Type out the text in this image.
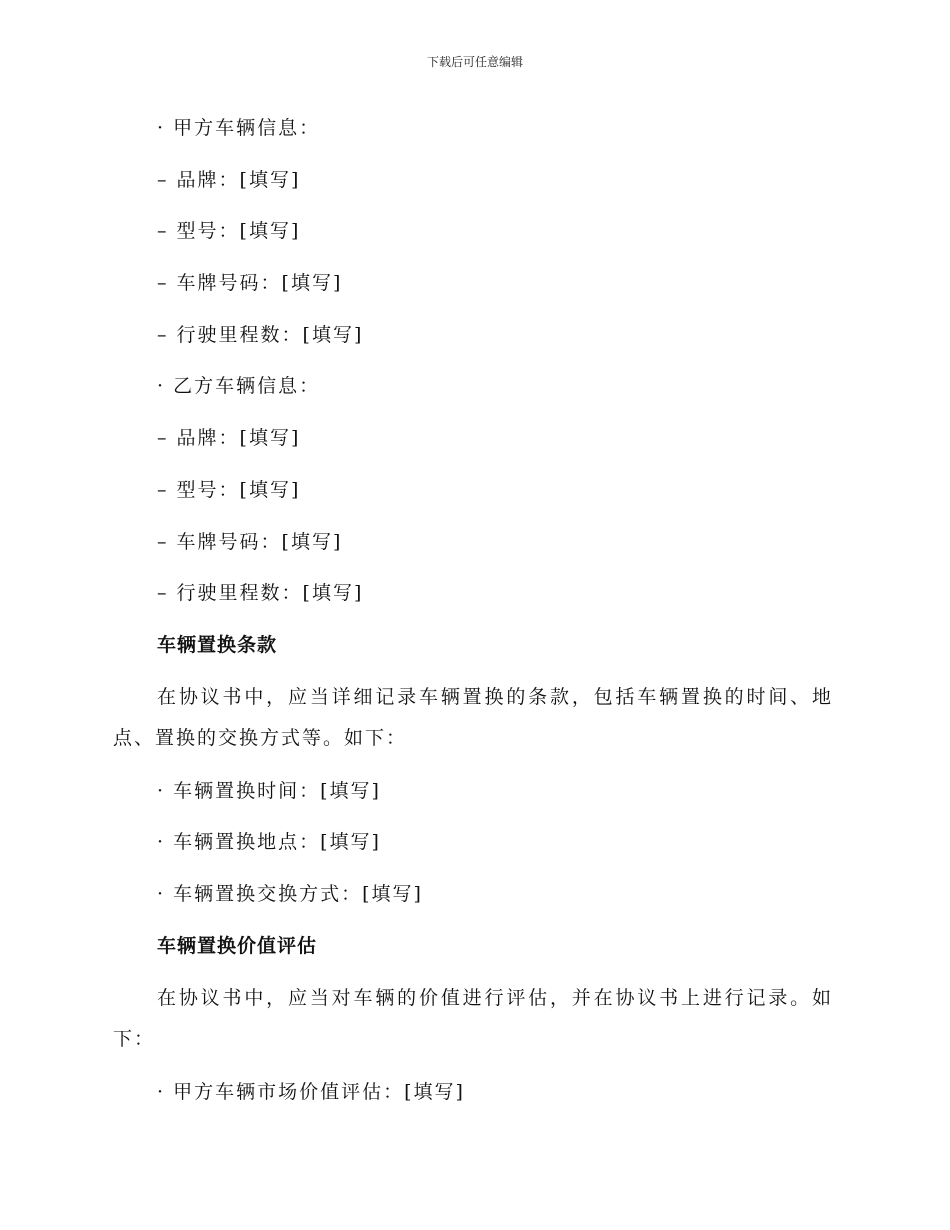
下载后可任意编辑
· 甲方车辆信息：
– 品牌：[填写]
– 型号：[填写]
– 车牌号码：[填写]
– 行驶里程数：[填写]
· 乙方车辆信息：
– 品牌：[填写]
– 型号：[填写]
– 车牌号码：[填写]
– 行驶里程数：[填写]
车辆置换条款
在协议书中，应当详细记录车辆置换的条款，包括车辆置换的时间、地点、置换的交换方式等。如下：
· 车辆置换时间：[填写]
· 车辆置换地点：[填写]
· 车辆置换交换方式：[填写]
车辆置换价值评估
在协议书中，应当对车辆的价值进行评估，并在协议书上进行记录。如下：
· 甲方车辆市场价值评估：[填写]
